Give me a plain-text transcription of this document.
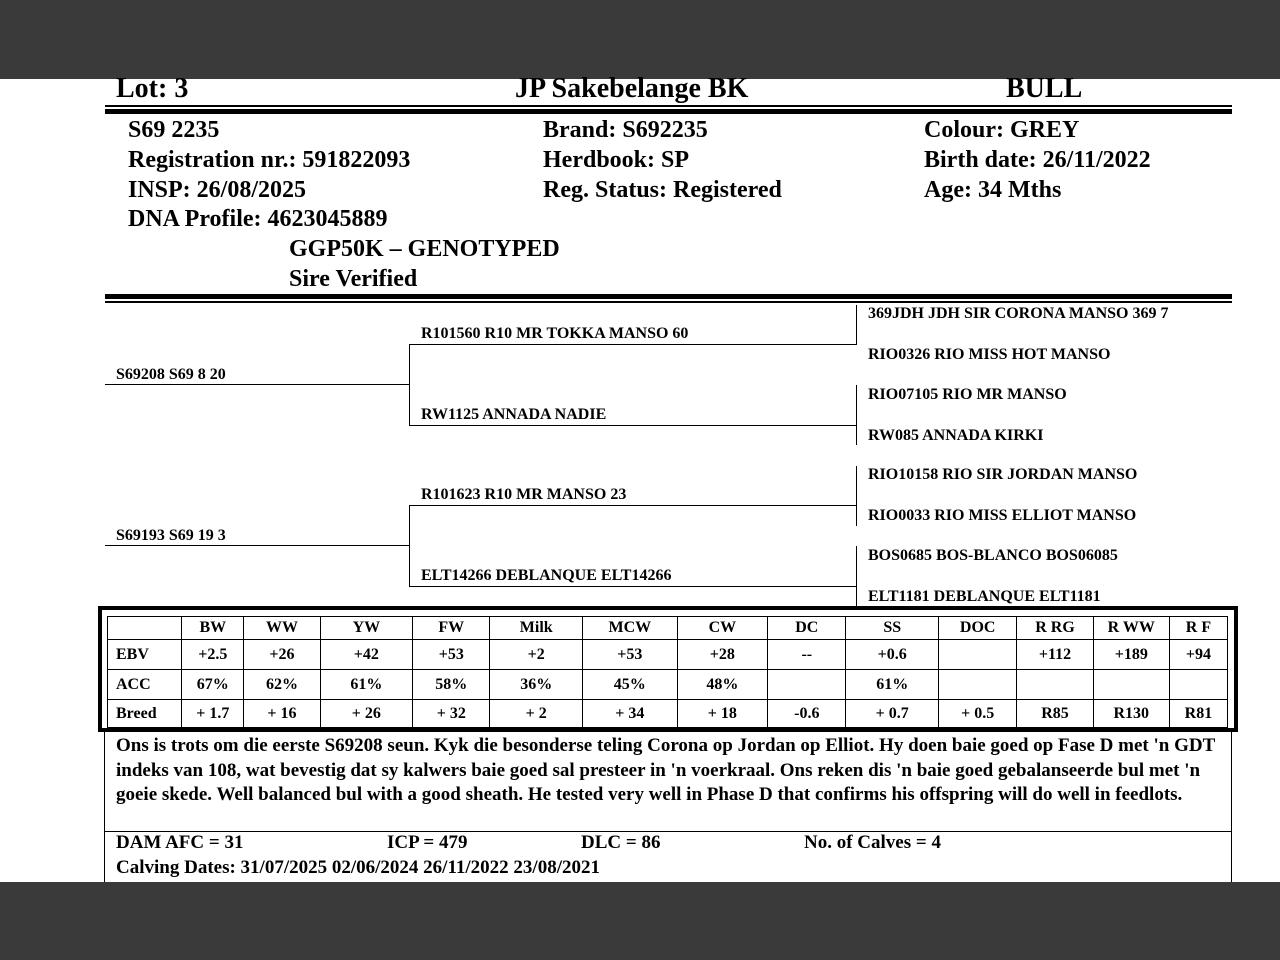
Lot: 3	JP Sakebelange BK	BULL
S69 2235
Registration nr.: 591822093
INSP: 26/08/2025
DNA Profile: 4623045889
GGP50K – GENOTYPED
Sire Verified
Brand: S692235
Herdbook: SP
Reg. Status: Registered
Colour: GREY
Birth date: 26/11/2022
Age: 34 Mths
S69208 S69 8 20
S69193 S69 19 3
R101560 R10 MR TOKKA MANSO 60
RW1125 ANNADA NADIE
R101623 R10 MR MANSO 23
ELT14266 DEBLANQUE ELT14266
369JDH JDH SIR CORONA MANSO 369 7
RIO0326 RIO MISS HOT MANSO
RIO07105 RIO MR MANSO
RW085 ANNADA KIRKI
RIO10158 RIO SIR JORDAN MANSO
RIO0033 RIO MISS ELLIOT MANSO
BOS0685 BOS-BLANCO BOS06085
ELT1181 DEBLANQUE ELT1181
	BW	WW	YW	FW	Milk	MCW	CW	DC	SS	DOC	R RG	R WW	R F
EBV	+2.5	+26	+42	+53	+2	+53	+28	--	+0.6		+112	+189	+94
ACC	67%	62%	61%	58%	36%	45%	48%		61%				
Breed	+ 1.7	+ 16	+ 26	+ 32	+ 2	+ 34	+ 18	-0.6	+ 0.7	+ 0.5	R85	R130	R81
Ons is trots om die eerste S69208 seun. Kyk die besonderse teling Corona op Jordan op Elliot. Hy doen baie goed op Fase D met 'n GDT indeks van 108, wat bevestig dat sy kalwers baie goed sal presteer in 'n voerkraal. Ons reken dis 'n baie goed gebalanseerde bul met 'n goeie skede. Well balanced bul with a good sheath. He tested very well in Phase D that confirms his offspring will do well in feedlots.
DAM AFC = 31	ICP = 479	DLC = 86	No. of Calves = 4
Calving Dates: 31/07/2025 02/06/2024 26/11/2022 23/08/2021
